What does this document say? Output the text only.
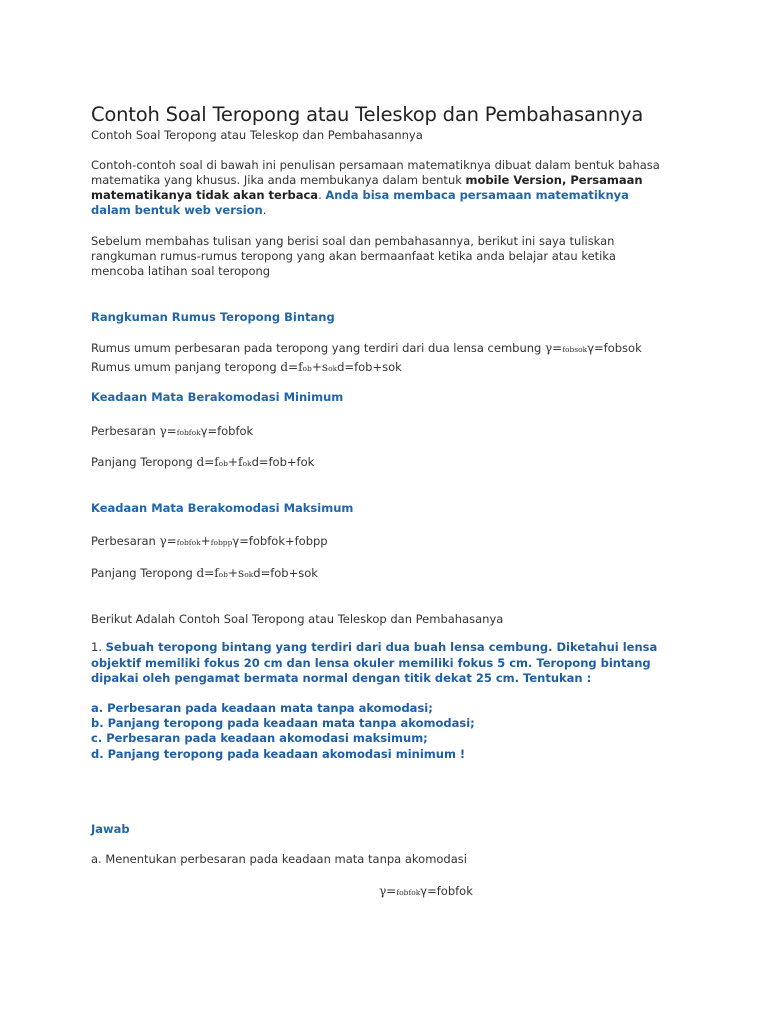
Contoh Soal Teropong atau Teleskop dan Pembahasannya
Contoh Soal Teropong atau Teleskop dan Pembahasannya
Contoh-contoh soal di bawah ini penulisan persamaan matematiknya dibuat dalam bentuk bahasa matematika yang khusus. Jika anda membukanya dalam bentuk mobile Version, Persamaan matematikanya tidak akan terbaca. Anda bisa membaca persamaan matematiknya dalam bentuk web version.
Sebelum membahas tulisan yang berisi soal dan pembahasannya, berikut ini saya tuliskan rangkuman rumus-rumus teropong yang akan bermaanfaat ketika anda belajar atau ketika mencoba latihan soal teropong
Rangkuman Rumus Teropong Bintang
Rumus umum perbesaran pada teropong yang terdiri dari dua lensa cembung γ=fobsokγ=fobsok
Rumus umum panjang teropong d=fob+sokd=fob+sok
Keadaan Mata Berakomodasi Minimum
Perbesaran γ=fobfokγ=fobfok
Panjang Teropong d=fob+fokd=fob+fok
Keadaan Mata Berakomodasi Maksimum
Perbesaran γ=fobfok+fobppγ=fobfok+fobpp
Panjang Teropong d=fob+sokd=fob+sok
Berikut Adalah Contoh Soal Teropong atau Teleskop dan Pembahasanya
1. Sebuah teropong bintang yang terdiri dari dua buah lensa cembung. Diketahui lensa objektif memiliki fokus 20 cm dan lensa okuler memiliki fokus 5 cm. Teropong bintang dipakai oleh pengamat bermata normal dengan titik dekat 25 cm. Tentukan :
a. Perbesaran pada keadaan mata tanpa akomodasi;
b. Panjang teropong pada keadaan mata tanpa akomodasi;
c. Perbesaran pada keadaan akomodasi maksimum;
d. Panjang teropong pada keadaan akomodasi minimum !
Jawab
a. Menentukan perbesaran pada keadaan mata tanpa akomodasi
γ=fobfokγ=fobfok
